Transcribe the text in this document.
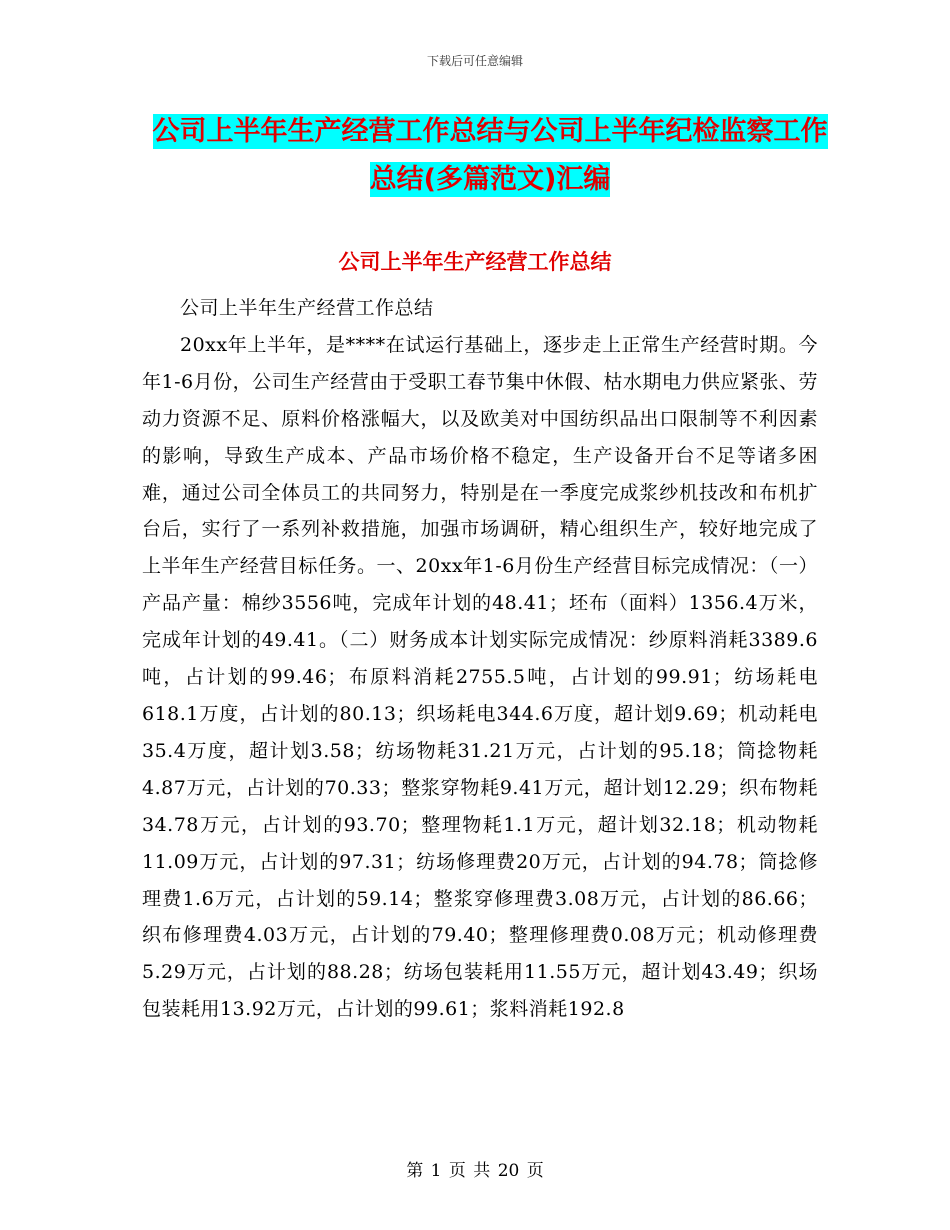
下载后可任意编辑
公司上半年生产经营工作总结与公司上半年纪检监察工作总结(多篇范文)汇编
公司上半年生产经营工作总结

公司上半年生产经营工作总结

20xx年上半年，是****在试运行基础上，逐步走上正常生产经营时期。今年1-6月份，公司生产经营由于受职工春节集中休假、枯水期电力供应紧张、劳动力资源不足、原料价格涨幅大，以及欧美对中国纺织品出口限制等不利因素的影响，导致生产成本、产品市场价格不稳定，生产设备开台不足等诸多困难，通过公司全体员工的共同努力，特别是在一季度完成浆纱机技改和布机扩台后，实行了一系列补救措施，加强市场调研，精心组织生产，较好地完成了上半年生产经营目标任务。一、20xx年1-6月份生产经营目标完成情况：（一）产品产量：棉纱3556吨，完成年计划的48.41；坯布（面料）1356.4万米，完成年计划的49.41。（二）财务成本计划实际完成情况：纱原料消耗3389.6吨，占计划的99.46；布原料消耗2755.5吨，占计划的99.91；纺场耗电618.1万度，占计划的80.13；织场耗电344.6万度，超计划9.69；机动耗电35.4万度，超计划3.58；纺场物耗31.21万元，占计划的95.18；筒捻物耗4.87万元，占计划的70.33；整浆穿物耗9.41万元，超计划12.29；织布物耗34.78万元，占计划的93.70；整理物耗1.1万元，超计划32.18；机动物耗11.09万元，占计划的97.31；纺场修理费20万元，占计划的94.78；筒捻修理费1.6万元，占计划的59.14；整浆穿修理费3.08万元，占计划的86.66；织布修理费4.03万元，占计划的79.40；整理修理费0.08万元；机动修理费5.29万元，占计划的88.28；纺场包装耗用11.55万元，超计划43.49；织场包装耗用13.92万元，占计划的99.61；浆料消耗192.8

第 1 页 共 20 页
